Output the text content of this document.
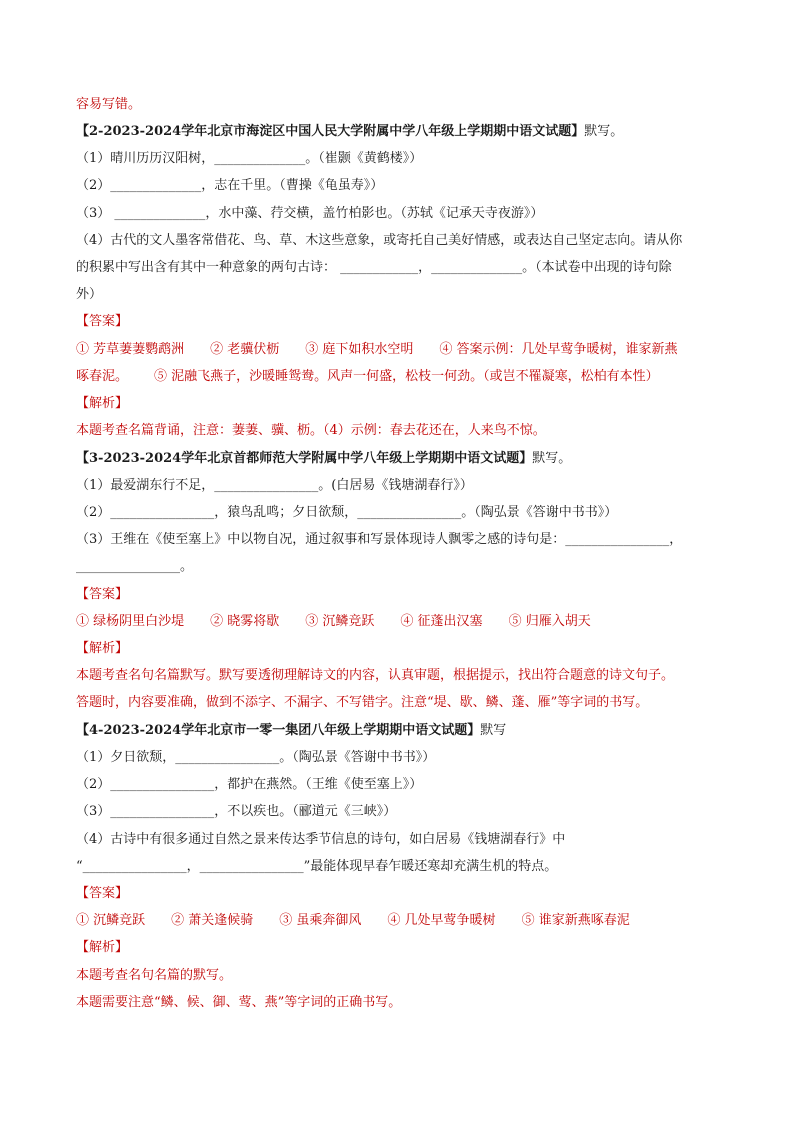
容易写错。
【2-2023-2024学年北京市海淀区中国人民大学附属中学八年级上学期期中语文试题】默写。
（1）晴川历历汉阳树，______________。（崔颢《黄鹤楼》）
（2）______________，志在千里。（曹操《龟虽寿》）
（3） ______________，水中藻、荇交横，盖竹柏影也。（苏轼《记承天寺夜游》）
（4）古代的文人墨客常借花、鸟、草、木这些意象，或寄托自己美好情感，或表达自己坚定志向。请从你
的积累中写出含有其中一种意象的两句古诗： ____________，______________。（本试卷中出现的诗句除
外）
【答案】
① 芳草萋萋鹦鹉洲 ② 老骥伏枥 ③ 庭下如积水空明 ④ 答案示例：几处早莺争暖树，谁家新燕
啄春泥。 ⑤ 泥融飞燕子，沙暖睡鸳鸯。风声一何盛，松枝一何劲。（或岂不罹凝寒，松柏有本性）
【解析】
本题考查名篇背诵，注意：萋萋、骥、枥。（4）示例：春去花还在，人来鸟不惊。
【3-2023-2024学年北京首都师范大学附属中学八年级上学期期中语文试题】默写。
（1）最爱湖东行不足，________________。(白居易《钱塘湖春行》）
（2）________________，猿鸟乱鸣；夕日欲颓，________________。（陶弘景《答谢中书书》）
（3）王维在《使至塞上》中以物自况，通过叙事和写景体现诗人飘零之感的诗句是：________________，
________________。
【答案】
① 绿杨阴里白沙堤 ② 晓雾将歇 ③ 沉鳞竞跃 ④ 征蓬出汉塞 ⑤ 归雁入胡天
【解析】
本题考查名句名篇默写。默写要透彻理解诗文的内容，认真审题，根据提示，找出符合题意的诗文句子。
答题时，内容要准确，做到不添字、不漏字、不写错字。注意“堤、歇、鳞、蓬、雁”等字词的书写。
【4-2023-2024学年北京市一零一集团八年级上学期期中语文试题】默写
（1）夕日欲颓，________________。（陶弘景《答谢中书书》）
（2）________________，都护在燕然。（王维《使至塞上》）
（3）________________，不以疾也。（郦道元《三峡》）
（4）古诗中有很多通过自然之景来传达季节信息的诗句，如白居易《钱塘湖春行》中
“________________，________________”最能体现早春乍暖还寒却充满生机的特点。
【答案】
① 沉鳞竞跃 ② 萧关逢候骑 ③ 虽乘奔御风 ④ 几处早莺争暖树 ⑤ 谁家新燕啄春泥
【解析】
本题考查名句名篇的默写。
本题需要注意“鳞、候、御、莺、燕”等字词的正确书写。
